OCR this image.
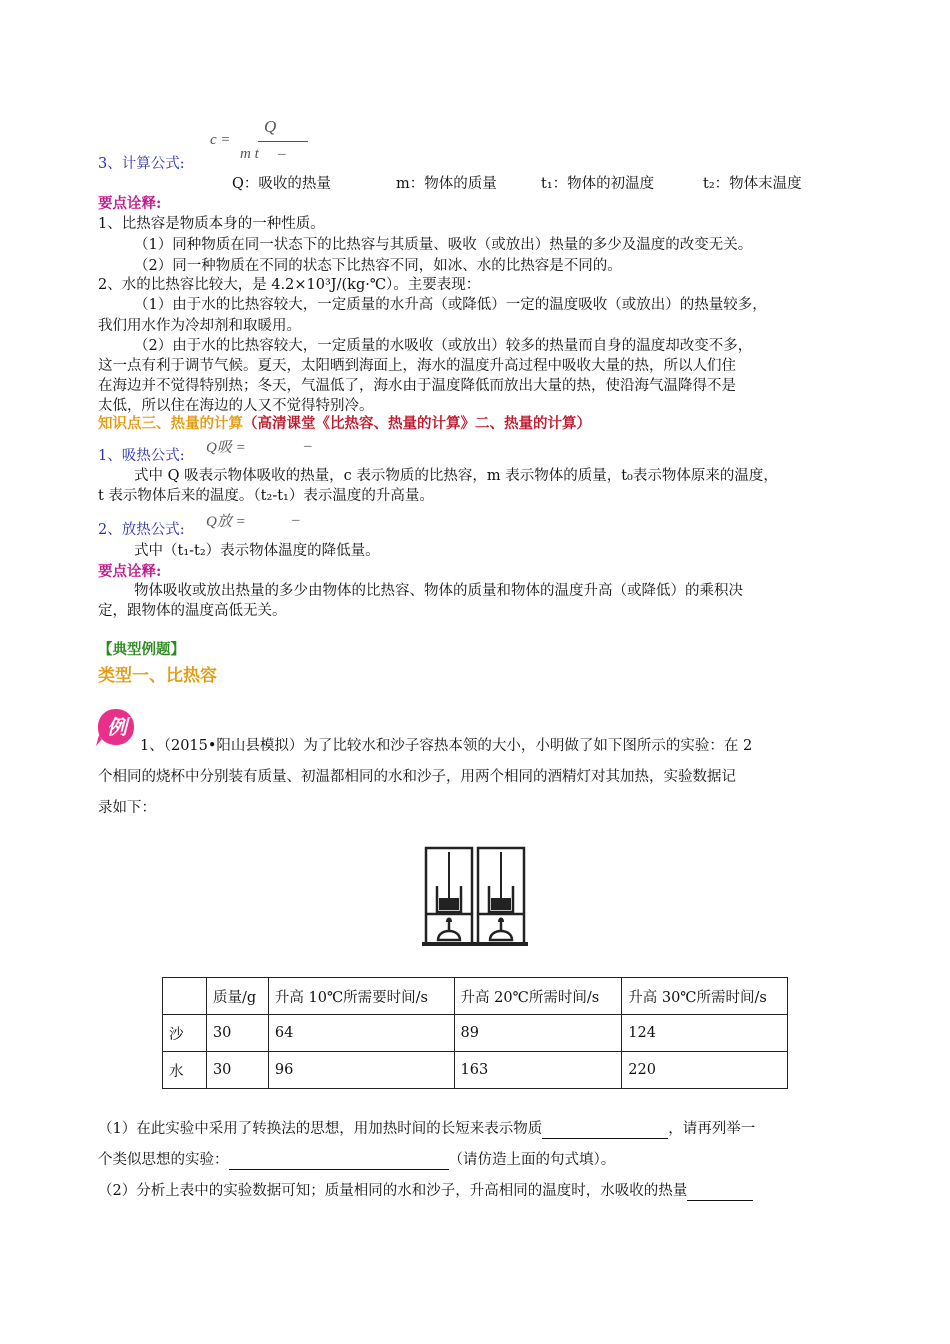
c =
Q
m t –
3、计算公式:
Q：吸收的热量	m：物体的质量	t₁：物体的初温度	t₂：物体末温度
要点诠释:
1、比热容是物质本身的一种性质。
（1）同种物质在同一状态下的比热容与其质量、吸收（或放出）热量的多少及温度的改变无关。
（2）同一种物质在不同的状态下比热容不同，如冰、水的比热容是不同的。
2、水的比热容比较大，是 4.2×10³J/(kg·℃）。主要表现：
（1）由于水的比热容较大，一定质量的水升高（或降低）一定的温度吸收（或放出）的热量较多，
我们用水作为冷却剂和取暖用。
（2）由于水的比热容较大，一定质量的水吸收（或放出）较多的热量而自身的温度却改变不多，
这一点有利于调节气候。夏天，太阳晒到海面上，海水的温度升高过程中吸收大量的热，所以人们住
在海边并不觉得特别热；冬天，气温低了，海水由于温度降低而放出大量的热，使沿海气温降得不是
太低，所以住在海边的人又不觉得特别冷。
知识点三、热量的计算（高清课堂《比热容、热量的计算》二、热量的计算）
1、吸热公式: Q吸 =	–
式中 Q 吸表示物体吸收的热量，c 表示物质的比热容，m 表示物体的质量，t₀表示物体原来的温度，
t 表示物体后来的温度。（t₂-t₁）表示温度的升高量。
2、放热公式: Q放 =	–
式中（t₁-t₂）表示物体温度的降低量。
要点诠释:
物体吸收或放出热量的多少由物体的比热容、物体的质量和物体的温度升高（或降低）的乘积决
定，跟物体的温度高低无关。
【典型例题】
类型一、比热容
例
1、（2015•阳山县模拟）为了比较水和沙子容热本领的大小，小明做了如下图所示的实验：在 2
个相同的烧杯中分别装有质量、初温都相同的水和沙子，用两个相同的酒精灯对其加热，实验数据记
录如下：
	质量/g	升高 10℃所需要时间/s	升高 20℃所需时间/s	升高 30℃所需时间/s
沙	30	64	89	124
水	30	96	163	220
（1）在此实验中采用了转换法的思想，用加热时间的长短来表示物质	，请再列举一
个类似思想的实验：	（请仿造上面的句式填）。
（2）分析上表中的实验数据可知；质量相同的水和沙子，升高相同的温度时，水吸收的热量
